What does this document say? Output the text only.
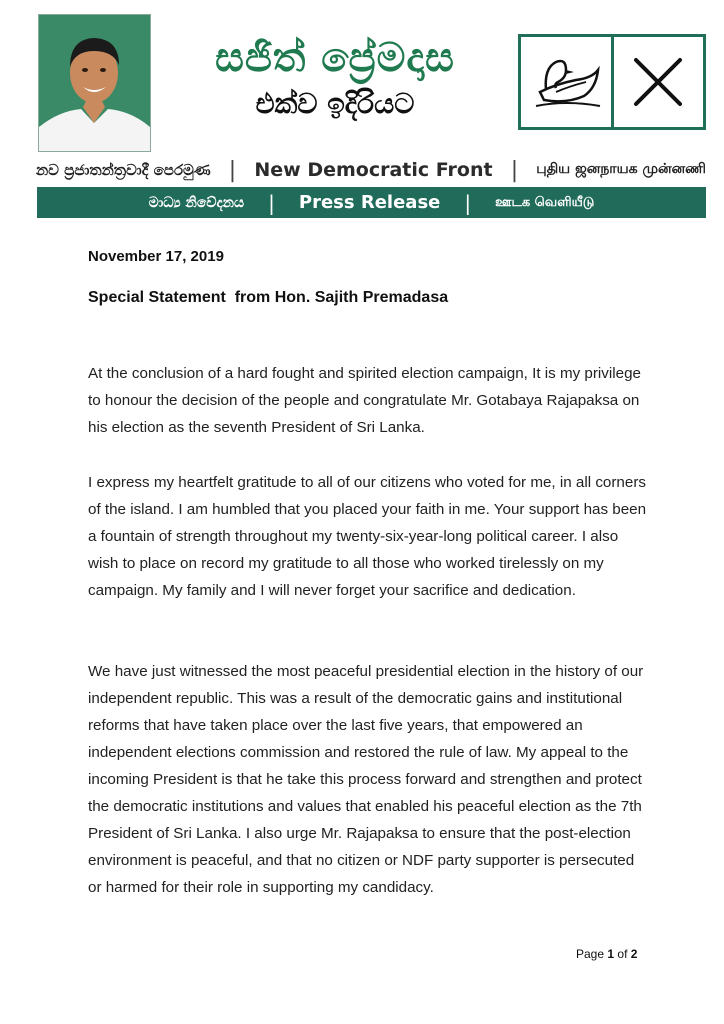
සජිත් ප්‍රේමදාස
එක්ව ඉදිරියට
නව ප්‍රජාතන්ත්‍රවාදී පෙරමුණ | New Democratic Front | புதிய ஜனநாயக முன்னணி
මාධ්‍ය නිවේදනය | Press Release | ஊடக வெளியீடு
November 17, 2019
Special Statement  from Hon. Sajith Premadasa

At the conclusion of a hard fought and spirited election campaign, It is my privilege to honour the decision of the people and congratulate Mr. Gotabaya Rajapaksa on his election as the seventh President of Sri Lanka.

I express my heartfelt gratitude to all of our citizens who voted for me, in all corners of the island. I am humbled that you placed your faith in me. Your support has been a fountain of strength throughout my twenty-six-year-long political career. I also wish to place on record my gratitude to all those who worked tirelessly on my campaign. My family and I will never forget your sacrifice and dedication.

We have just witnessed the most peaceful presidential election in the history of our independent republic. This was a result of the democratic gains and institutional reforms that have taken place over the last five years, that empowered an independent elections commission and restored the rule of law. My appeal to the incoming President is that he take this process forward and strengthen and protect the democratic institutions and values that enabled his peaceful election as the 7th President of Sri Lanka. I also urge Mr. Rajapaksa to ensure that the post-election environment is peaceful, and that no citizen or NDF party supporter is persecuted or harmed for their role in supporting my candidacy.

Page 1 of 2
